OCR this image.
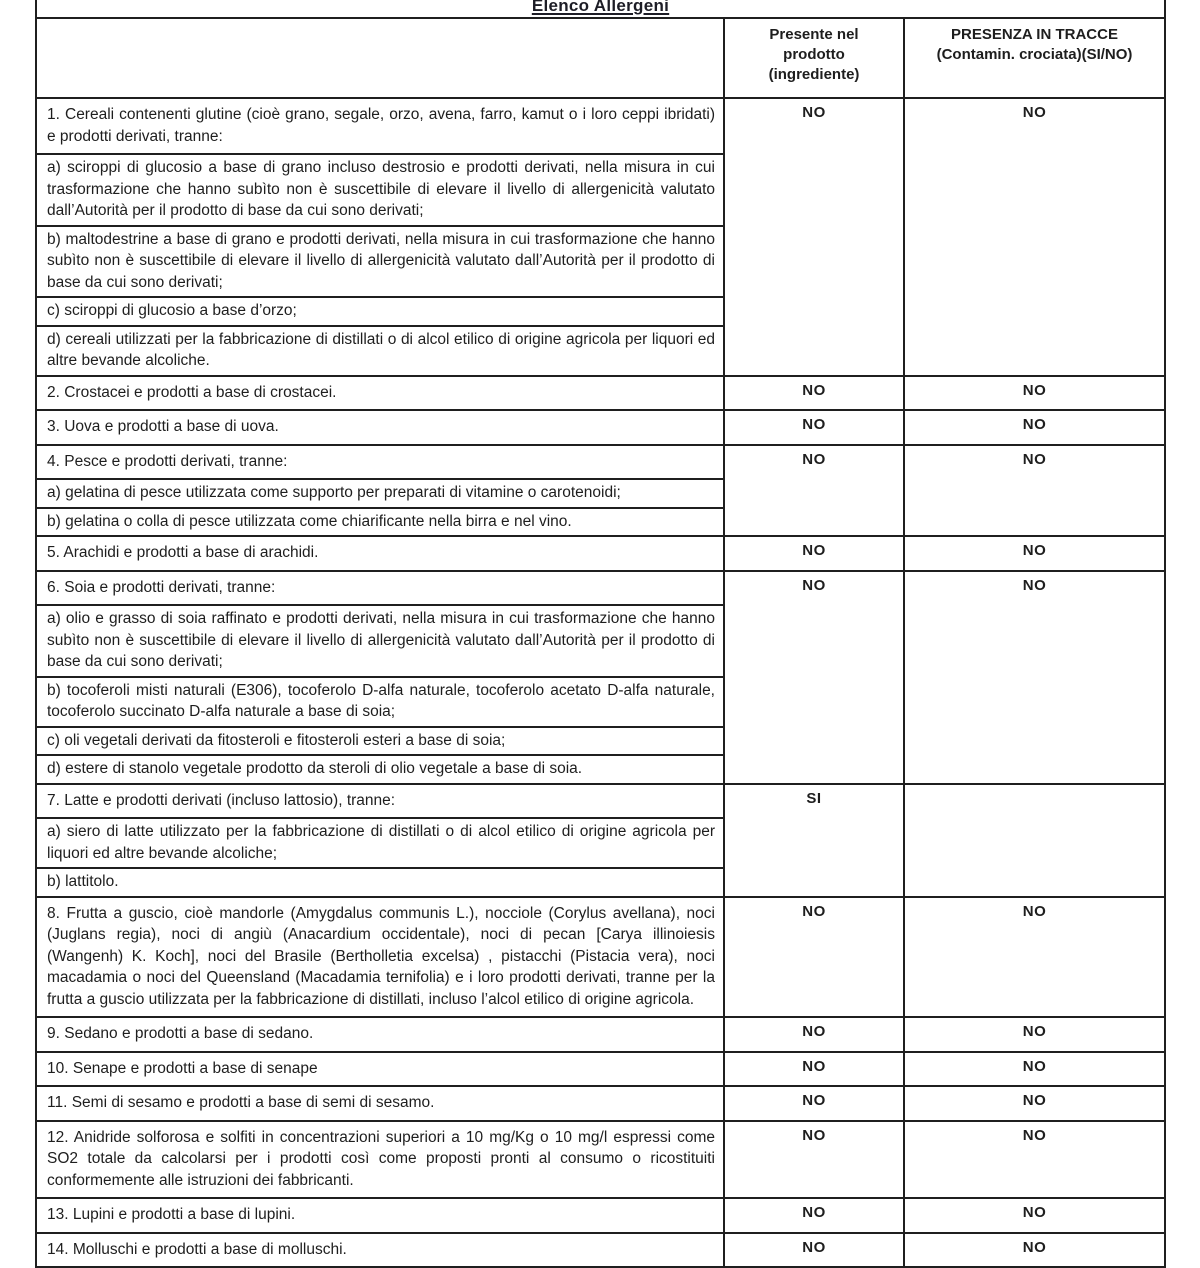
Elenco Allergeni		
	Presente nel prodotto (ingrediente)	PRESENZA IN TRACCE (Contamin. crociata)(SI/NO)
1. Cereali contenenti glutine (cioè grano, segale, orzo, avena, farro, kamut o i loro ceppi ibridati) e prodotti derivati, tranne:	NO	NO
a) sciroppi di glucosio a base di grano incluso destrosio e prodotti derivati, nella misura in cui trasformazione che hanno subìto non è suscettibile di elevare il livello di allergenicità valutato dall’Autorità per il prodotto di base da cui sono derivati;		
b) maltodestrine a base di grano e prodotti derivati, nella misura in cui trasformazione che hanno subìto non è suscettibile di elevare il livello di allergenicità valutato dall’Autorità per il prodotto di base da cui sono derivati;		
c) sciroppi di glucosio a base d’orzo;		
d) cereali utilizzati per la fabbricazione di distillati o di alcol etilico di origine agricola per liquori ed altre bevande alcoliche.		
2. Crostacei e prodotti a base di crostacei.	NO	NO
3. Uova e prodotti a base di uova.	NO	NO
4. Pesce e prodotti derivati, tranne:	NO	NO
a) gelatina di pesce utilizzata come supporto per preparati di vitamine o carotenoidi;		
b) gelatina o colla di pesce utilizzata come chiarificante nella birra e nel vino.		
5. Arachidi e prodotti a base di arachidi.	NO	NO
6. Soia e prodotti derivati, tranne:	NO	NO
a) olio e grasso di soia raffinato e prodotti derivati, nella misura in cui trasformazione che hanno subìto non è suscettibile di elevare il livello di allergenicità valutato dall’Autorità per il prodotto di base da cui sono derivati;		
b) tocoferoli misti naturali (E306), tocoferolo D-alfa naturale, tocoferolo acetato D-alfa naturale, tocoferolo succinato D-alfa naturale a base di soia;		
c) oli vegetali derivati da fitosteroli e fitosteroli esteri a base di soia;		
d) estere di stanolo vegetale prodotto da steroli di olio vegetale a base di soia.		
7. Latte e prodotti derivati (incluso lattosio), tranne:	SI	
a) siero di latte utilizzato per la fabbricazione di distillati o di alcol etilico di origine agricola per liquori ed altre bevande alcoliche;		
b) lattitolo.		
8. Frutta a guscio, cioè mandorle (Amygdalus communis L.), nocciole (Corylus avellana), noci (Juglans regia), noci di angiù (Anacardium occidentale), noci di pecan [Carya illinoiesis (Wangenh) K. Koch], noci del Brasile (Bertholletia excelsa) , pistacchi (Pistacia vera), noci macadamia o noci del Queensland (Macadamia ternifolia) e i loro prodotti derivati, tranne per la frutta a guscio utilizzata per la fabbricazione di distillati, incluso l’alcol etilico di origine agricola.	NO	NO
9. Sedano e prodotti a base di sedano.	NO	NO
10. Senape e prodotti a base di senape	NO	NO
11. Semi di sesamo e prodotti a base di semi di sesamo.	NO	NO
12. Anidride solforosa e solfiti in concentrazioni superiori a 10 mg/Kg o 10 mg/l espressi come SO2 totale da calcolarsi per i prodotti così come proposti pronti al consumo o ricostituiti conformemente alle istruzioni dei fabbricanti.	NO	NO
13. Lupini e prodotti a base di lupini.	NO	NO
14. Molluschi e prodotti a base di molluschi.	NO	NO
